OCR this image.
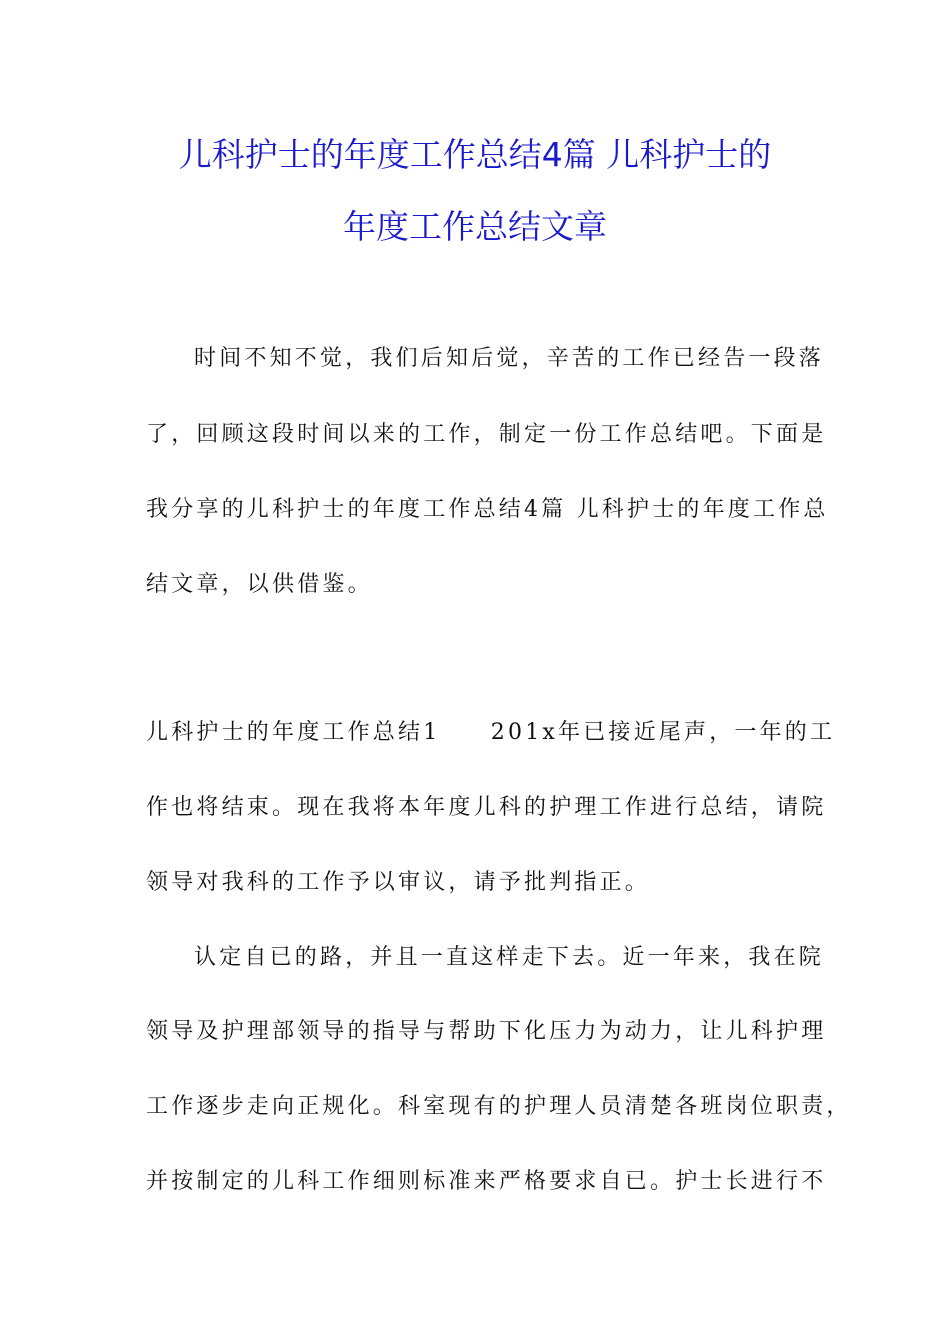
儿科护士的年度工作总结4篇 儿科护士的
年度工作总结文章
时间不知不觉，我们后知后觉，辛苦的工作已经告一段落
了，回顾这段时间以来的工作，制定一份工作总结吧。下面是
我分享的儿科护士的年度工作总结4篇 儿科护士的年度工作总
结文章，以供借鉴。
儿科护士的年度工作总结1　　201x年已接近尾声，一年的工
作也将结束。现在我将本年度儿科的护理工作进行总结，请院
领导对我科的工作予以审议，请予批判指正。
认定自已的路，并且一直这样走下去。近一年来，我在院
领导及护理部领导的指导与帮助下化压力为动力，让儿科护理
工作逐步走向正规化。科室现有的护理人员清楚各班岗位职责，
并按制定的儿科工作细则标准来严格要求自已。护士长进行不
